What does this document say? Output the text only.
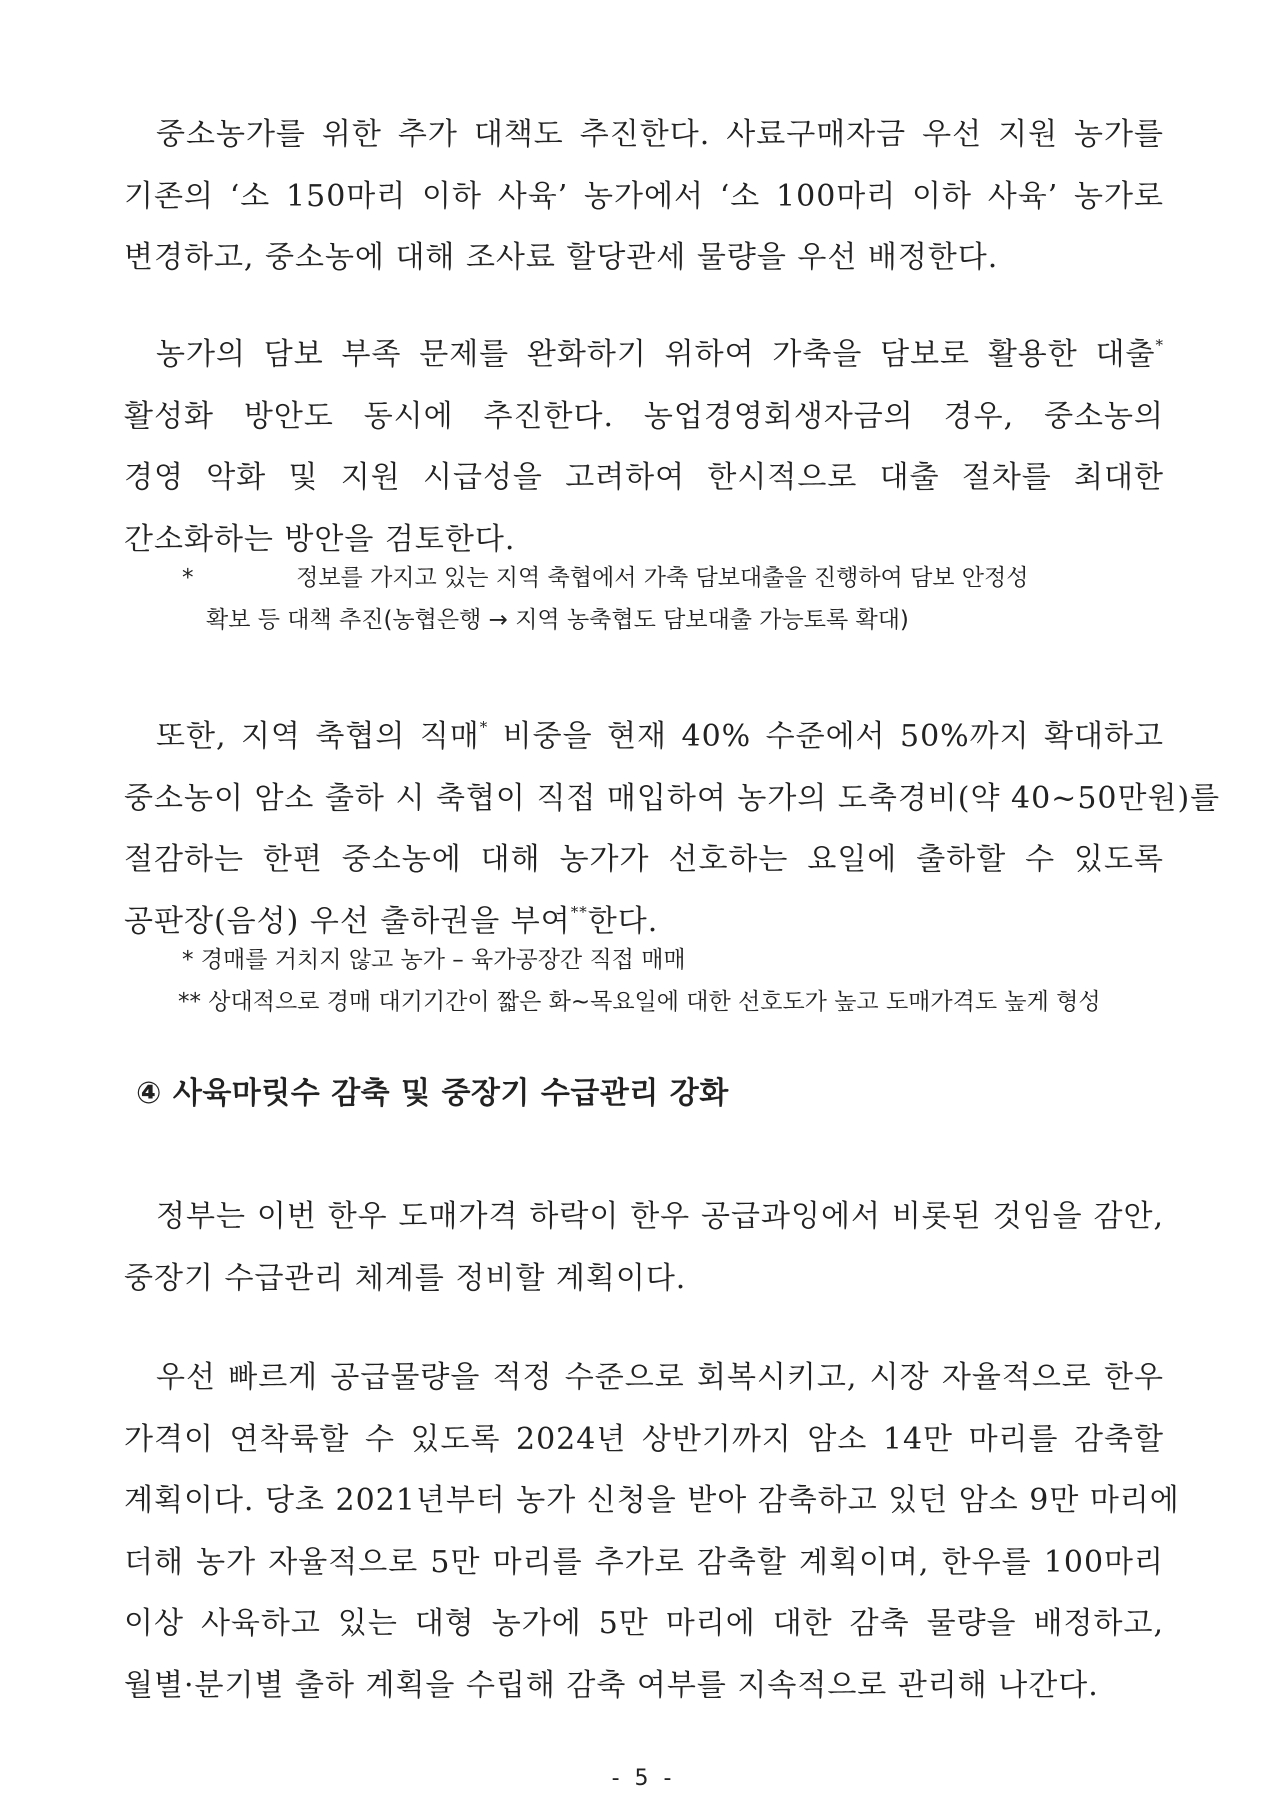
중소농가를 위한 추가 대책도 추진한다. 사료구매자금 우선 지원 농가를
기존의 ‘소 150마리 이하 사육’ 농가에서 ‘소 100마리 이하 사육’ 농가로
변경하고, 중소농에 대해 조사료 할당관세 물량을 우선 배정한다.
농가의 담보 부족 문제를 완화하기 위하여 가축을 담보로 활용한 대출*
활성화 방안도 동시에 추진한다. 농업경영회생자금의 경우, 중소농의
경영 악화 및 지원 시급성을 고려하여 한시적으로 대출 절차를 최대한
간소화하는 방안을 검토한다.
*	정보를 가지고 있는 지역 축협에서 가축 담보대출을 진행하여 담보 안정성
확보 등 대책 추진(농협은행 → 지역 농축협도 담보대출 가능토록 확대)
또한, 지역 축협의 직매* 비중을 현재 40% 수준에서 50%까지 확대하고
중소농이 암소 출하 시 축협이 직접 매입하여 농가의 도축경비(약 40~50만원)를
절감하는 한편 중소농에 대해 농가가 선호하는 요일에 출하할 수 있도록
공판장(음성) 우선 출하권을 부여**한다.
* 경매를 거치지 않고 농가 – 육가공장간 직접 매매
** 상대적으로 경매 대기기간이 짧은 화~목요일에 대한 선호도가 높고 도매가격도 높게 형성
④ 사육마릿수 감축 및 중장기 수급관리 강화
정부는 이번 한우 도매가격 하락이 한우 공급과잉에서 비롯된 것임을 감안,
중장기 수급관리 체계를 정비할 계획이다.
우선 빠르게 공급물량을 적정 수준으로 회복시키고, 시장 자율적으로 한우
가격이 연착륙할 수 있도록 2024년 상반기까지 암소 14만 마리를 감축할
계획이다. 당초 2021년부터 농가 신청을 받아 감축하고 있던 암소 9만 마리에
더해 농가 자율적으로 5만 마리를 추가로 감축할 계획이며, 한우를 100마리
이상 사육하고 있는 대형 농가에 5만 마리에 대한 감축 물량을 배정하고,
월별·분기별 출하 계획을 수립해 감축 여부를 지속적으로 관리해 나간다.
- 5 -
